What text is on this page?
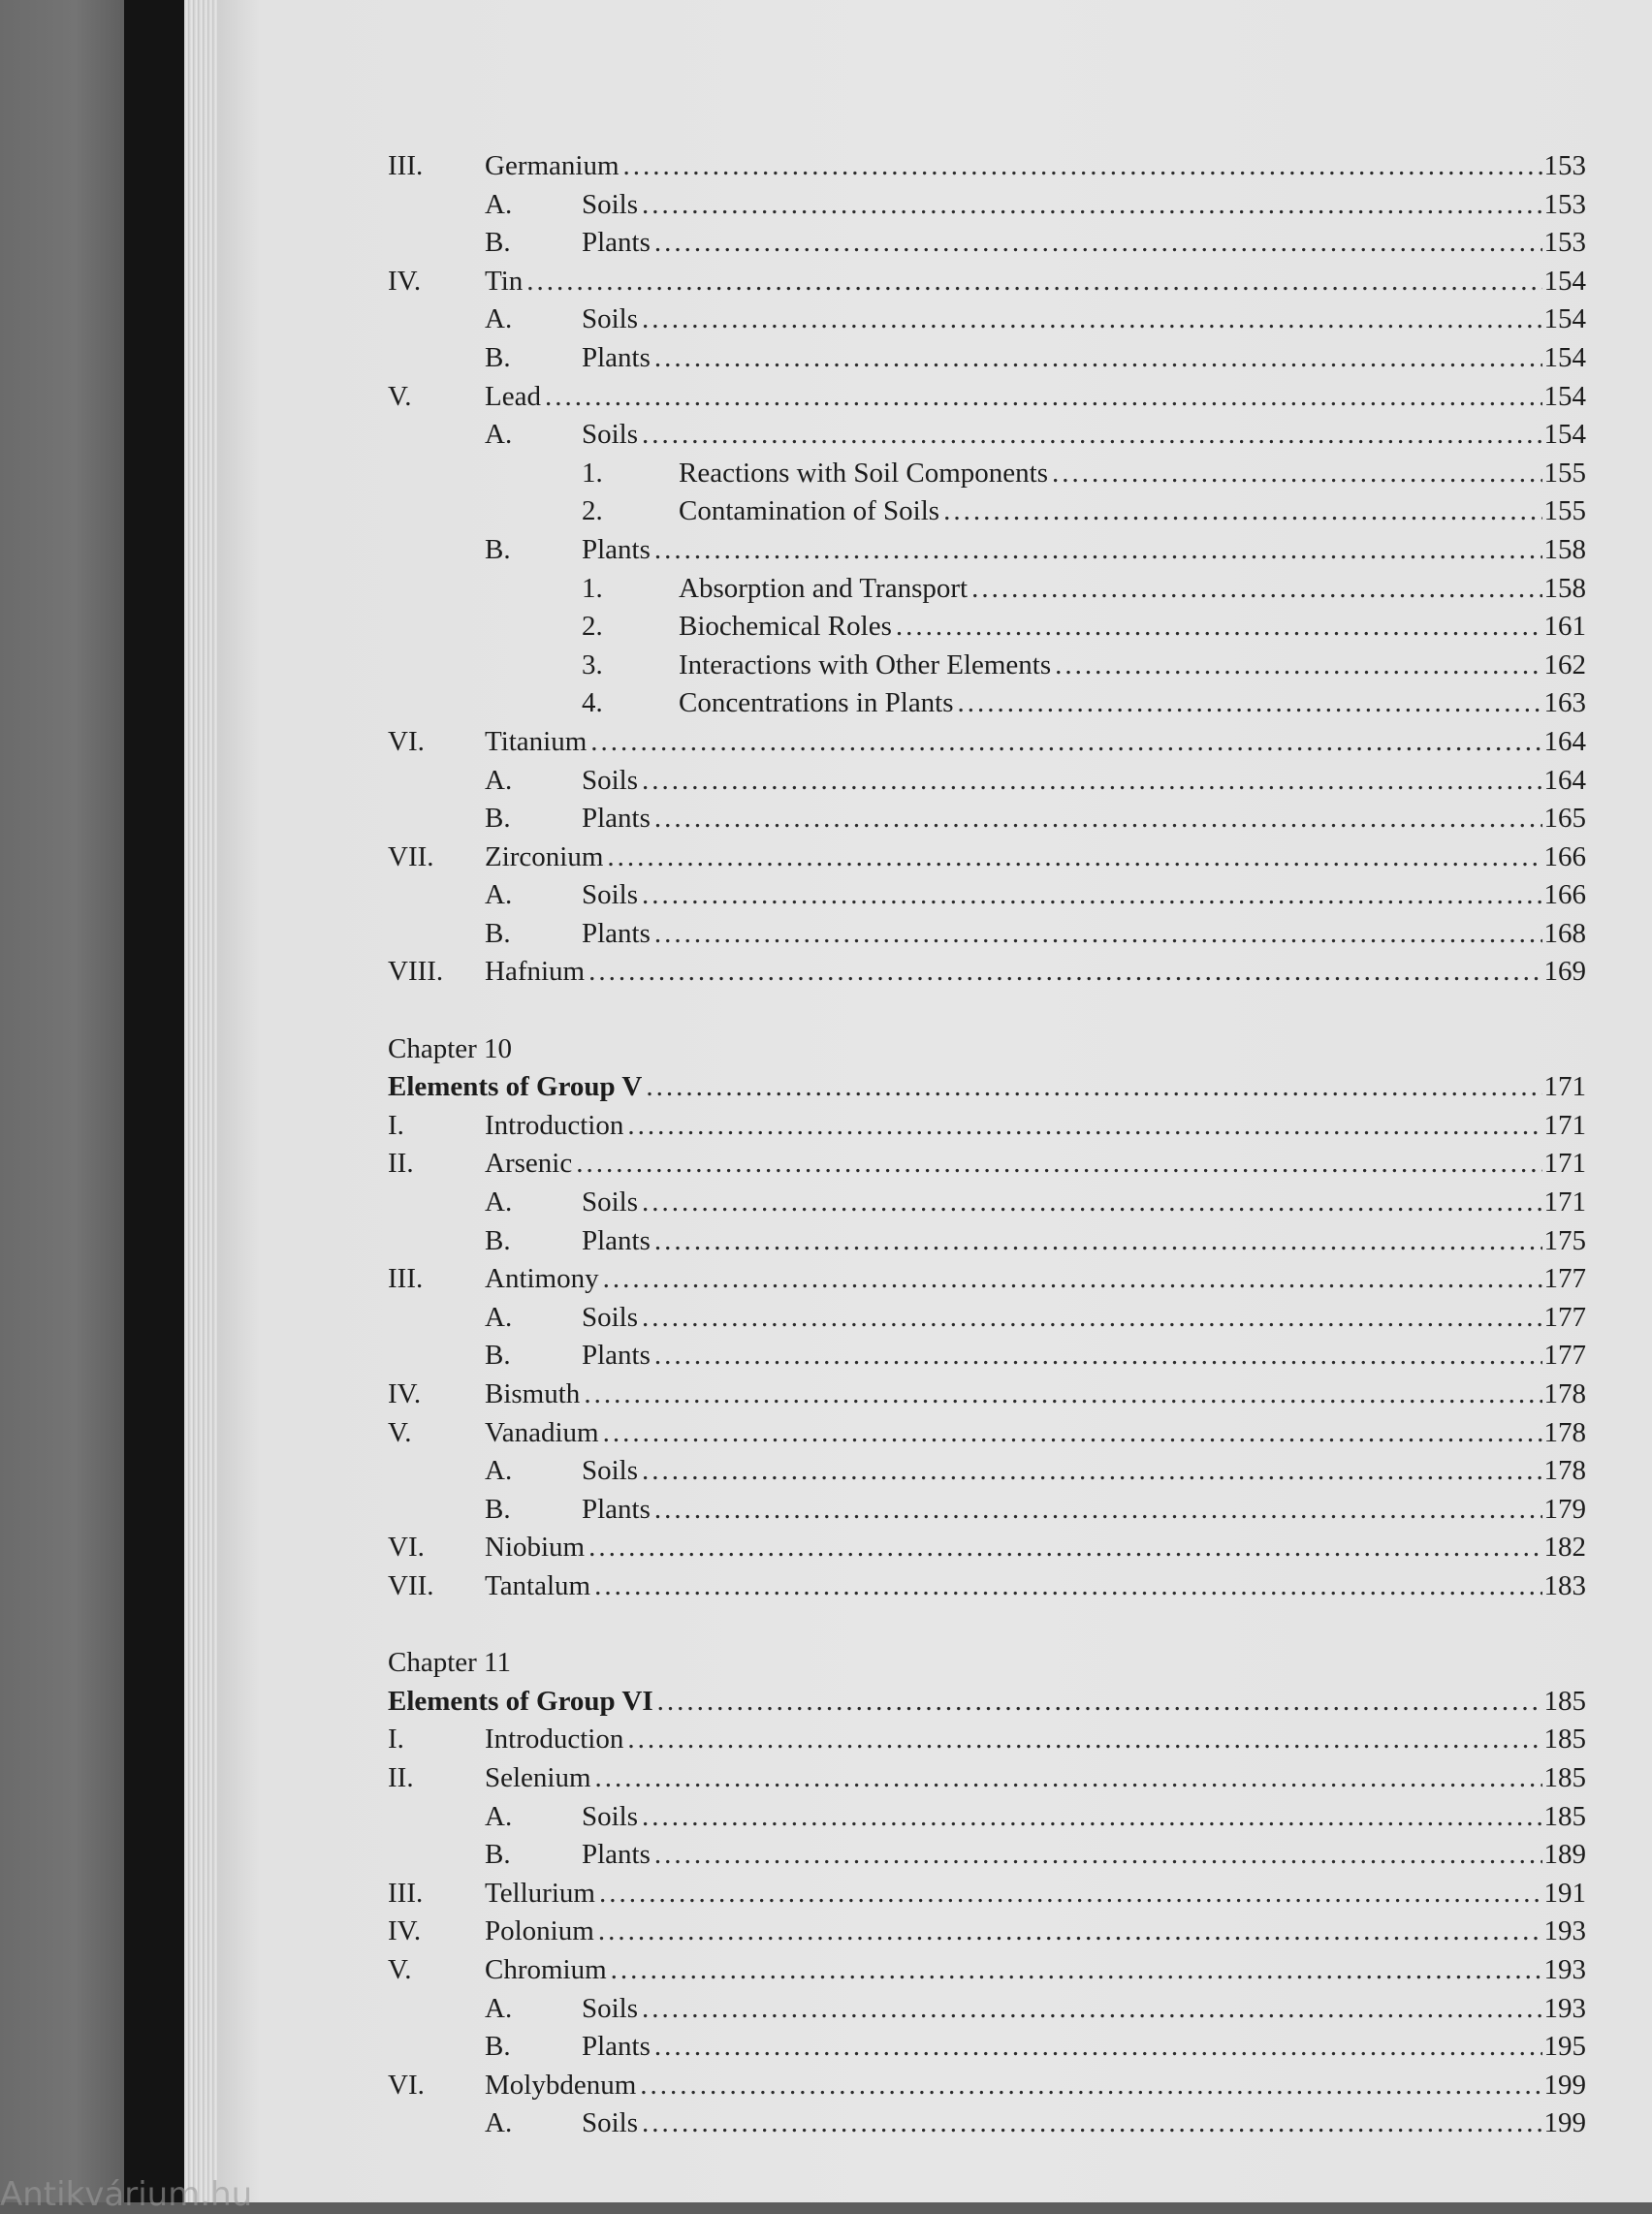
III. Germanium .....	153
A. Soils .....	153
B.	Plants .....	153
IV. Tin .....	154
A. Soils .....	154
B.	Plants .....	154
V.	Lead .....	154
A. Soils .....	154
1.	Reactions with Soil Components .....	155
2.	Contamination of Soils .....	155
B.	Plants .....	158
1.	Absorption and Transport .....	158
2.	Biochemical Roles .....	161
3.	Interactions with Other Elements .....	162
4.	Concentrations in Plants .....	163
VI. Titanium .....	164
A. Soils .....	164
B.	Plants .....	165
VII. Zirconium .....	166
A. Soils .....	166
B.	Plants .....	168
VIII. Hafnium .....	169
Chapter 10
Elements of Group V .....	171
I.	Introduction .....	171
II.	Arsenic .....	171
A. Soils .....	171
B.	Plants .....	175
III. Antimony .....	177
A. Soils .....	177
B.	Plants .....	177
IV. Bismuth .....	178
V.	Vanadium .....	178
A. Soils .....	178
B.	Plants .....	179
VI. Niobium .....	182
VII. Tantalum .....	183
Chapter 11
Elements of Group VI .....	185
I.	Introduction .....	185
II.	Selenium .....	185
A. Soils .....	185
B.	Plants .....	189
III. Tellurium .....	191
IV. Polonium .....	193
V.	Chromium .....	193
A. Soils .....	193
B.	Plants .....	195
VI. Molybdenum .....	199
A. Soils .....	199
Antikvárium.hu
